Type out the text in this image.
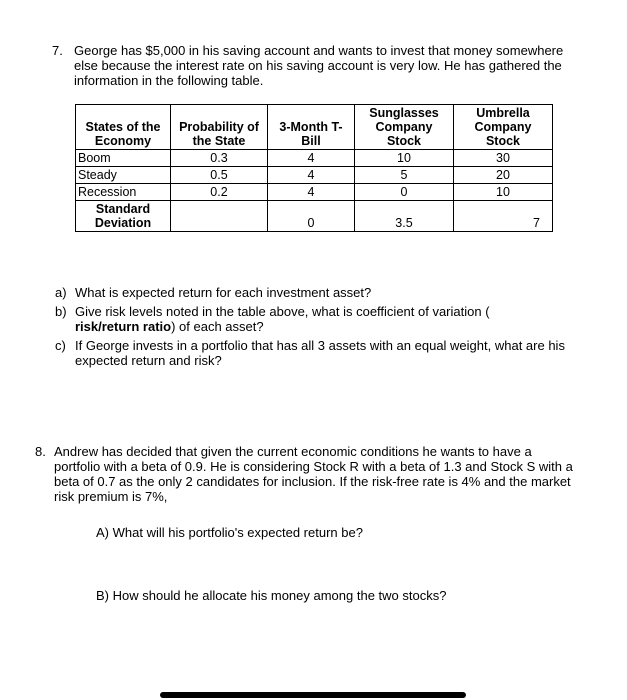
7. George has $5,000 in his saving account and wants to invest that money somewhere else because the interest rate on his saving account is very low. He has gathered the information in the following table.
States of the Economy	Probability of the State	3-Month T-Bill	Sunglasses Company Stock	Umbrella Company Stock
Boom	0.3	4	10	30
Steady	0.5	4	5	20
Recession	0.2	4	0	10
Standard Deviation		0	3.5	7
a) What is expected return for each investment asset?
b) Give risk levels noted in the table above, what is coefficient of variation (
risk/return ratio) of each asset?
c) If George invests in a portfolio that has all 3 assets with an equal weight, what are his expected return and risk?
8. Andrew has decided that given the current economic conditions he wants to have a portfolio with a beta of 0.9. He is considering Stock R with a beta of 1.3 and Stock S with a beta of 0.7 as the only 2 candidates for inclusion. If the risk-free rate is 4% and the market risk premium is 7%,
A) What will his portfolio's expected return be?
B) How should he allocate his money among the two stocks?
